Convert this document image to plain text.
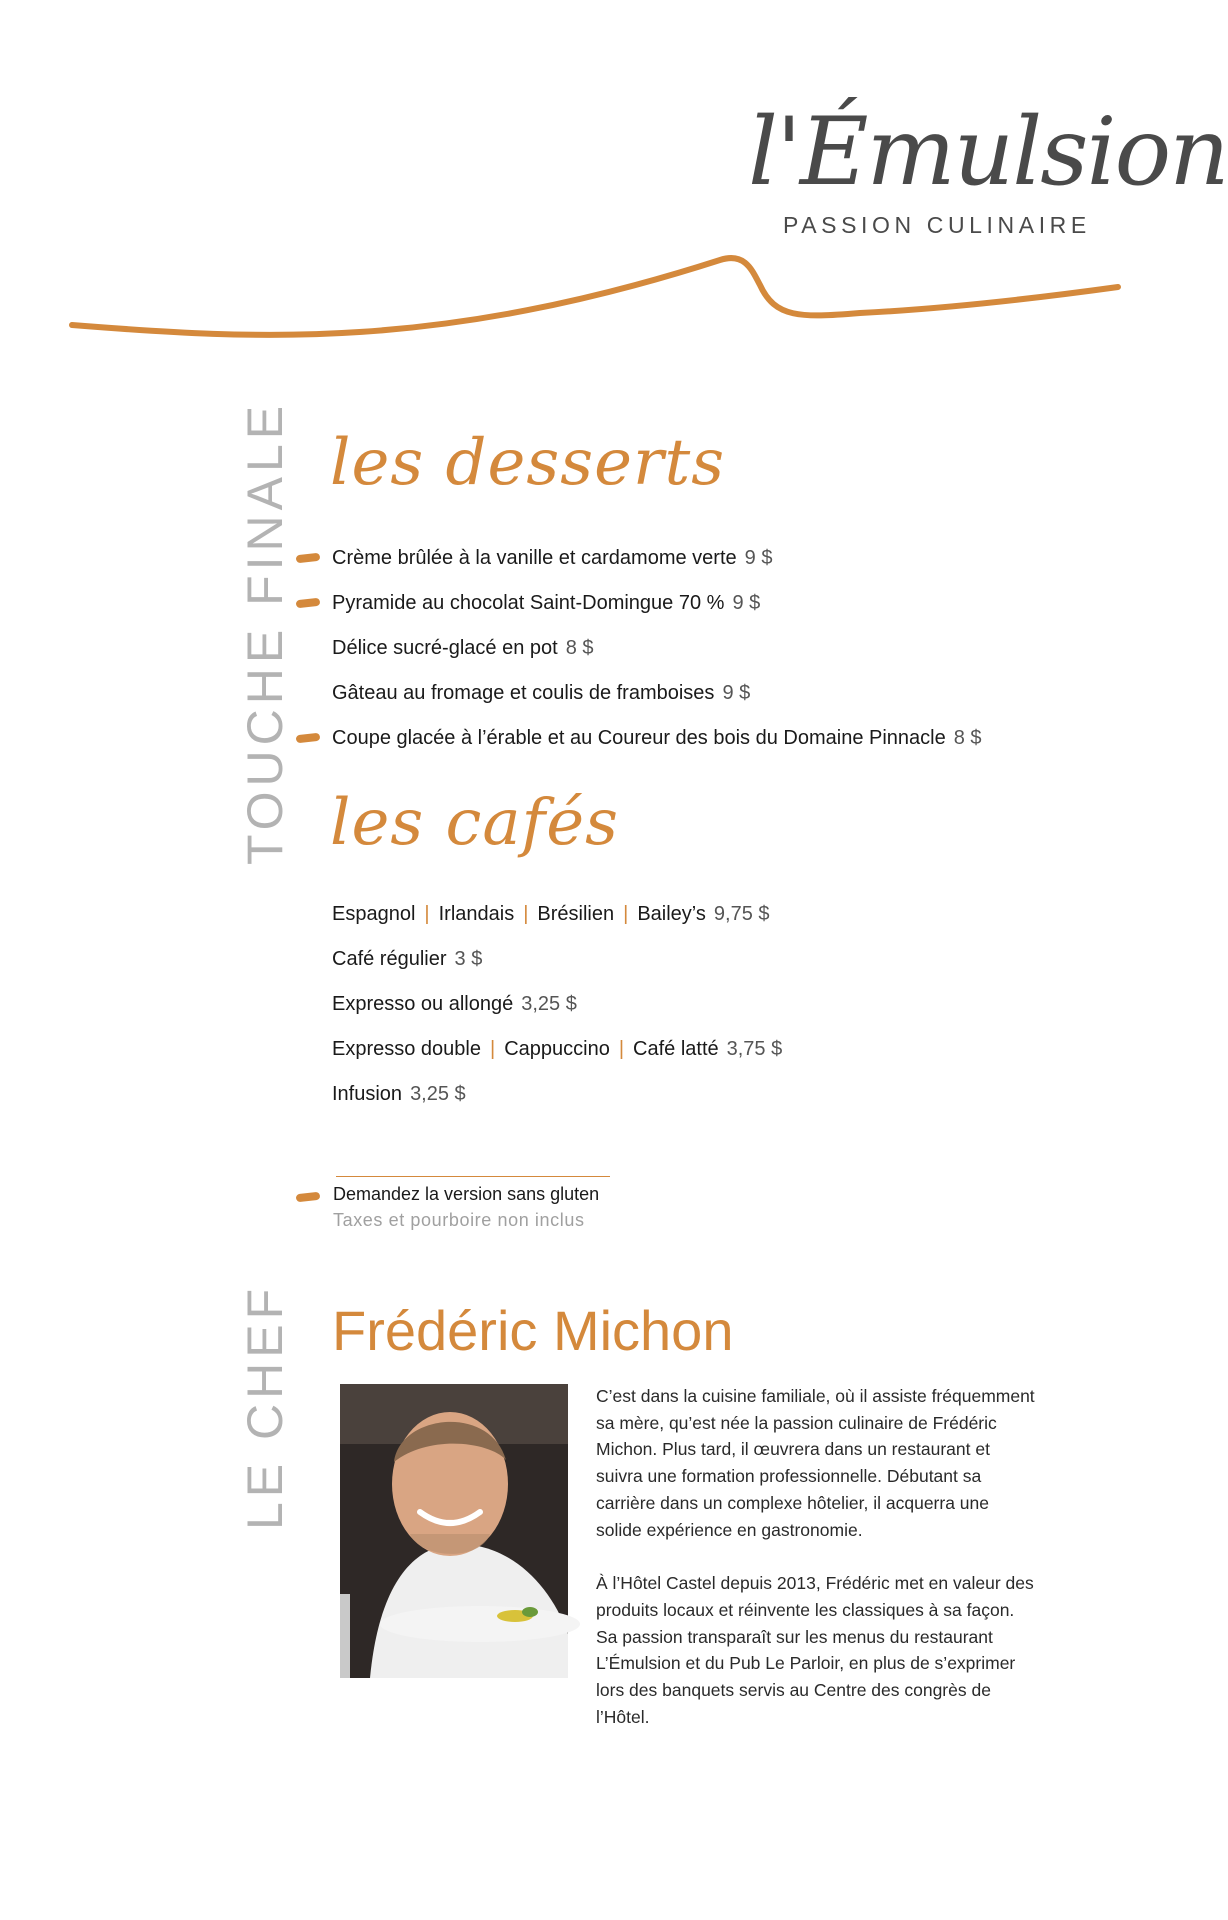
l'Émulsion
PASSION CULINAIRE
TOUCHE FINALE
LE CHEF
les desserts
Crème brûlée à la vanille et cardamome verte 9 $
Pyramide au chocolat Saint-Domingue 70 % 9 $
Délice sucré-glacé en pot 8 $
Gâteau au fromage et coulis de framboises 9 $
Coupe glacée à l’érable et au Coureur des bois du Domaine Pinnacle 8 $
les cafés
Espagnol | Irlandais | Brésilien | Bailey’s 9,75 $
Café régulier 3 $
Expresso ou allongé 3,25 $
Expresso double | Cappuccino | Café latté 3,75 $
Infusion 3,25 $
Demandez la version sans gluten
Taxes et pourboire non inclus
Frédéric Michon

C’est dans la cuisine familiale, où il assiste fréquemment sa mère, qu’est née la passion culinaire de Frédéric Michon. Plus tard, il œuvrera dans un restaurant et suivra une formation professionnelle. Débutant sa carrière dans un complexe hôtelier, il acquerra une solide expérience en gastronomie.

À l’Hôtel Castel depuis 2013, Frédéric met en valeur des produits locaux et réinvente les classiques à sa façon. Sa passion transparaît sur les menus du restaurant L’Émulsion et du Pub Le Parloir, en plus de s’exprimer lors des banquets servis au Centre des congrès de l’Hôtel.
